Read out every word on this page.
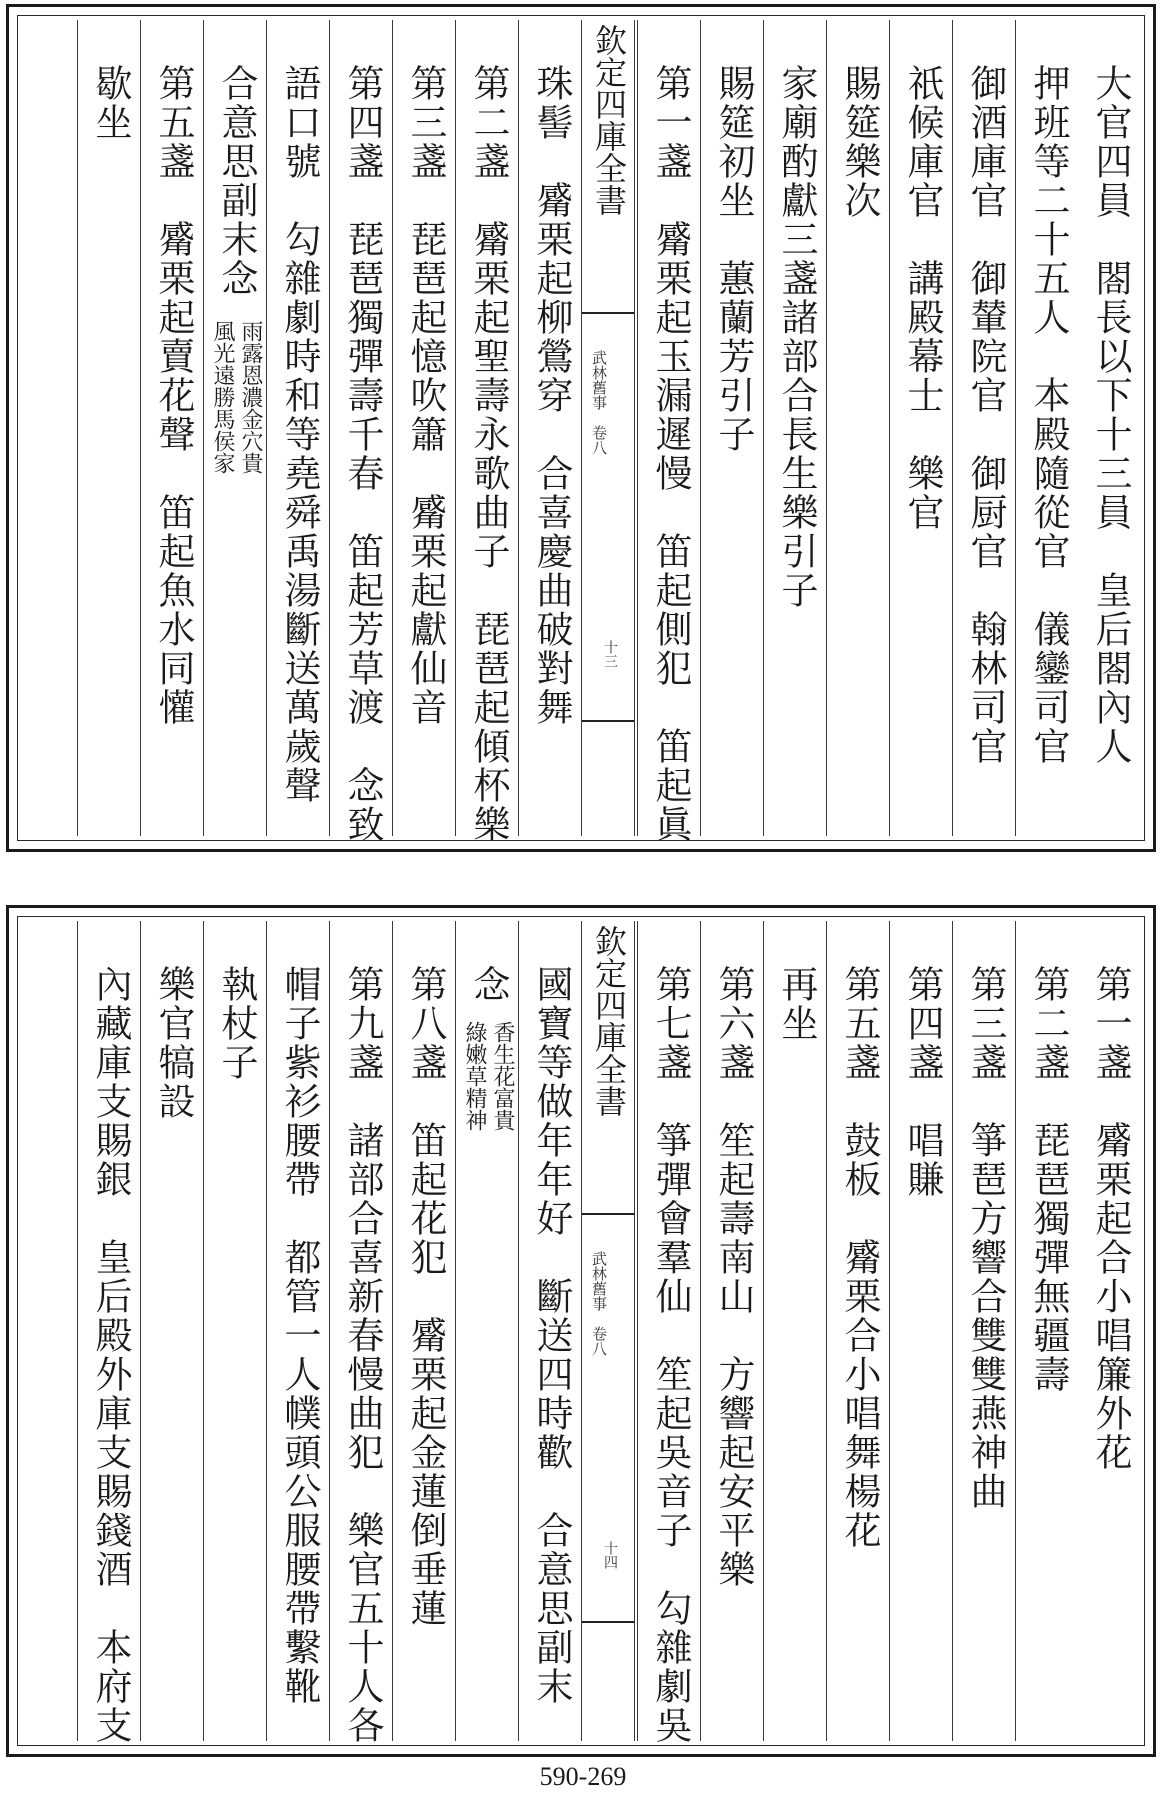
大官四員　閤長以下十三員　皇后閤內人
押班等二十五人　本殿隨從官　儀鑾司官
御酒庫官　御輦院官　御厨官　翰林司官
祇候庫官　講殿幕士　樂官
賜筵樂次
家廟酌獻三盞諸部合長生樂引子
賜筵初坐　蕙蘭芳引子
第一盞　觱栗起玉漏遲慢　笛起側犯　笛起眞
欽定四庫全書
武林舊事　卷八
十三
珠髻　觱栗起柳鶯穿　合喜慶曲破對舞
第二盞　觱栗起聖壽永歌曲子　琵琶起傾杯樂
第三盞　琵琶起憶吹簫　觱栗起獻仙音
第四盞　琵琶獨彈壽千春　笛起芳草渡　念致
語口號　勾雜劇時和等堯舜禹湯斷送萬歲聲
合意思副末念
雨露恩濃金穴貴
風光遠勝馬侯家
第五盞　觱栗起賣花聲　笛起魚水同懽
歇坐
第一盞　觱栗起合小唱簾外花
第二盞　琵琶獨彈無疆壽
第三盞　箏琶方響合雙雙燕神曲
第四盞　唱賺
第五盞　鼓板　觱栗合小唱舞楊花
再坐
第六盞　笙起壽南山　方響起安平樂
第七盞　箏彈會羣仙　笙起吳音子　勾雜劇吳
欽定四庫全書
武林舊事　卷八
十四
國寶等做年年好　斷送四時歡　合意思副末
念
香生花富貴
綠嫩草精神
第八盞　笛起花犯　觱栗起金蓮倒垂蓮
第九盞　諸部合喜新春慢曲犯　樂官五十人各
帽子紫衫腰帶　都管一人幞頭公服腰帶繫靴
執杖子
樂官犒設
內藏庫支賜銀　皇后殿外庫支賜錢酒　本府支
590-269
